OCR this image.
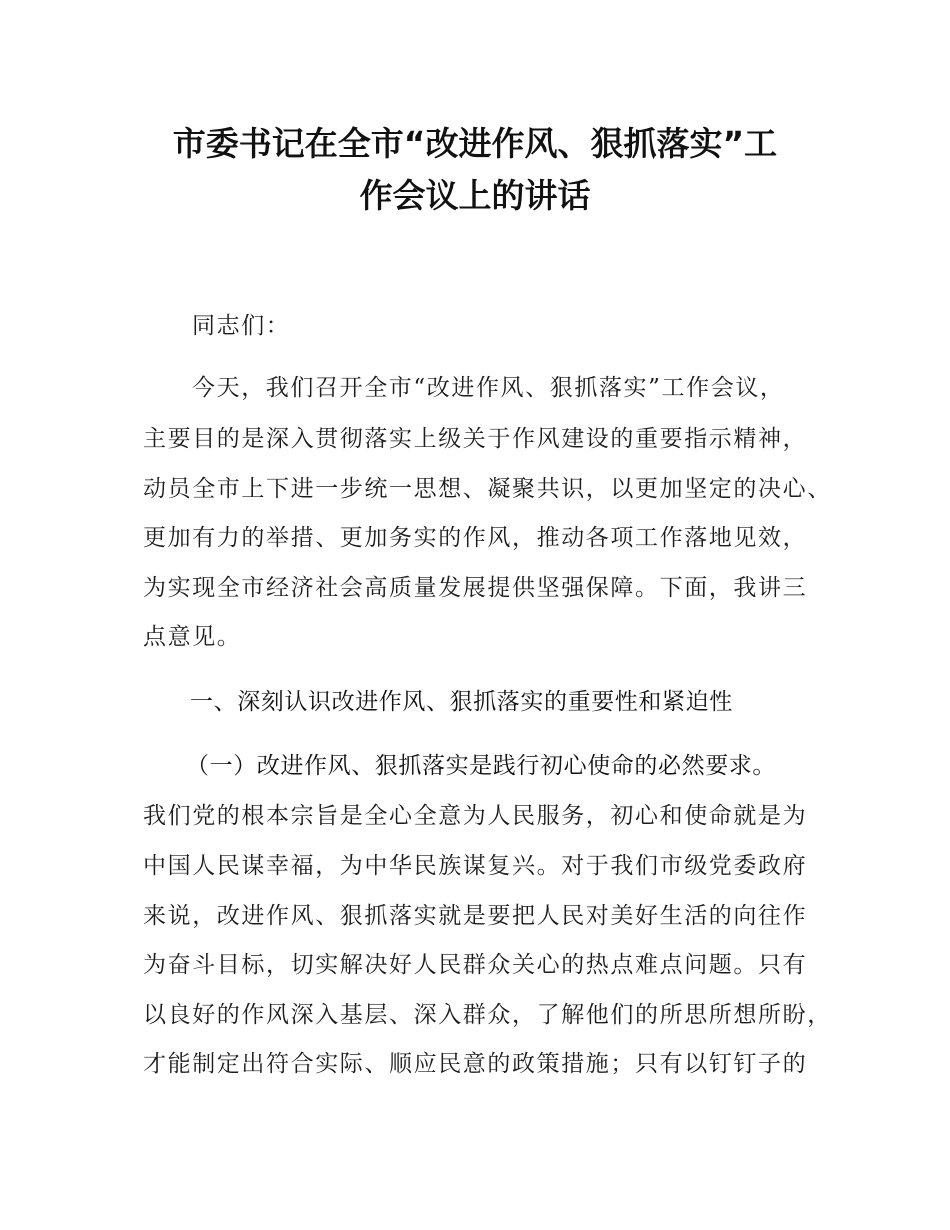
市委书记在全市“改进作风、狠抓落实”工
作会议上的讲话
同志们：
今天，我们召开全市“改进作风、狠抓落实”工作会议，
主要目的是深入贯彻落实上级关于作风建设的重要指示精神，
动员全市上下进一步统一思想、凝聚共识，以更加坚定的决心、
更加有力的举措、更加务实的作风，推动各项工作落地见效，
为实现全市经济社会高质量发展提供坚强保障。下面，我讲三
点意见。
一、深刻认识改进作风、狠抓落实的重要性和紧迫性
（一）改进作风、狠抓落实是践行初心使命的必然要求。
我们党的根本宗旨是全心全意为人民服务，初心和使命就是为
中国人民谋幸福，为中华民族谋复兴。对于我们市级党委政府
来说，改进作风、狠抓落实就是要把人民对美好生活的向往作
为奋斗目标，切实解决好人民群众关心的热点难点问题。只有
以良好的作风深入基层、深入群众，了解他们的所思所想所盼，
才能制定出符合实际、顺应民意的政策措施；只有以钉钉子的
